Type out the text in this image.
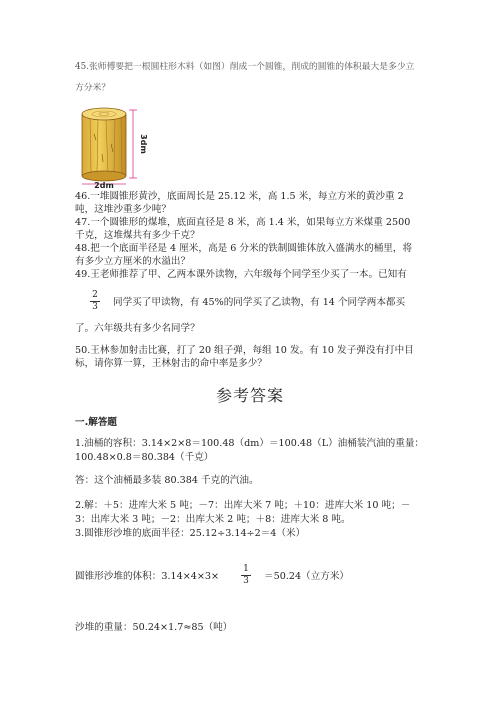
45.张师傅要把一根圆柱形木料（如图）削成一个圆锥，削成的圆锥的体积最大是多少立
方分米？
3dm
2dm
46.一堆圆锥形黄沙，底面周长是 25.12 米，高 1.5 米，每立方米的黄沙重 2
吨，这堆沙重多少吨？
47.一个圆锥形的煤堆，底面直径是 8 米，高 1.4 米，如果每立方米煤重 2500
千克，这堆煤共有多少千克？
48.把一个底面半径是 4 厘米，高是 6 分米的铁制圆锥体放入盛满水的桶里，将
有多少立方厘米的水溢出？
49.王老师推荐了甲、乙两本课外读物，六年级每个同学至少买了一本。已知有
2
3	同学买了甲读物，有 45%的同学买了乙读物，有 14 个同学两本都买
了。六年级共有多少名同学？
50.王林参加射击比赛，打了 20 组子弹，每组 10 发。有 10 发子弹没有打中目
标，请你算一算，王林射击的命中率是多少？
参考答案
一.解答题
1.油桶的容积：3.14×2×8＝100.48（dm）＝100.48（L）油桶装汽油的重量：
100.48×0.8＝80.384（千克）
答：这个油桶最多装 80.384 千克的汽油。
2.解：＋5：进库大米 5 吨；－7：出库大米 7 吨；＋10：进库大米 10 吨；－
3：出库大米 3 吨；－2：出库大米 2 吨；＋8：进库大米 8 吨。
3.圆锥形沙堆的底面半径：25.12÷3.14÷2＝4（米）
圆锥形沙堆的体积：3.14×4×3×
1
3	＝50.24（立方米）
沙堆的重量：50.24×1.7≈85（吨）
